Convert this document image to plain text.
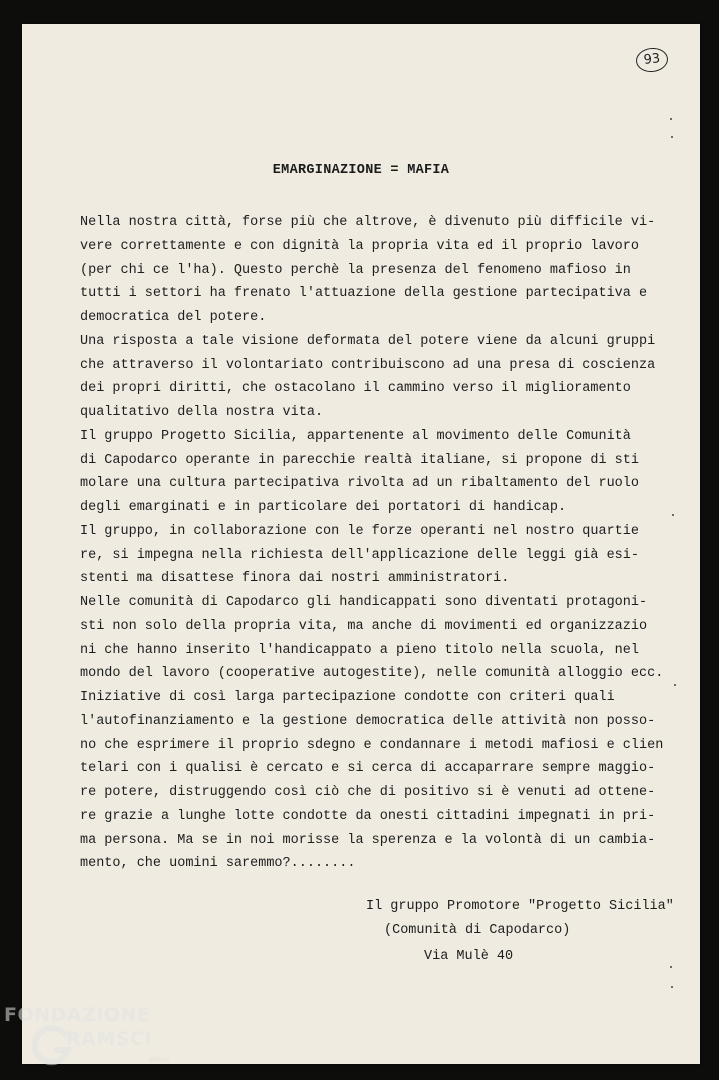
93
EMARGINAZIONE = MAFIA
Nella nostra città, forse più che altrove, è divenuto più difficile vi-
vere correttamente e con dignità la propria vita ed il proprio lavoro
(per chi ce l'ha). Questo perchè la presenza del fenomeno mafioso in
tutti i settori ha frenato l'attuazione della gestione partecipativa e
democratica del potere.
Una risposta a tale visione deformata del potere viene da alcuni gruppi
che attraverso il volontariato contribuiscono ad una presa di coscienza
dei propri diritti, che ostacolano il cammino verso il miglioramento
qualitativo della nostra vita.
Il gruppo Progetto Sicilia, appartenente al movimento delle Comunità
di Capodarco operante in parecchie realtà italiane, si propone di sti
molare una cultura partecipativa rivolta ad un ribaltamento del ruolo
degli emarginati e in particolare dei portatori di handicap.
Il gruppo, in collaborazione con le forze operanti nel nostro quartie
re, si impegna nella richiesta dell'applicazione delle leggi già esi-
stenti ma disattese finora dai nostri amministratori.
Nelle comunità di Capodarco gli handicappati sono diventati protagoni-
sti non solo della propria vita, ma anche di movimenti ed organizzazio
ni che hanno inserito l'handicappato a pieno titolo nella scuola, nel
mondo del lavoro (cooperative autogestite), nelle comunità alloggio ecc.
Iniziative di così larga partecipazione condotte con criteri quali
l'autofinanziamento e la gestione democratica delle attività non posso-
no che esprimere il proprio sdegno e condannare i metodi mafiosi e clien
telari con i qualisi è cercato e si cerca di accaparrare sempre maggio-
re potere, distruggendo così ciò che di positivo si è venuti ad ottene-
re grazie a lunghe lotte condotte da onesti cittadini impegnati in pri-
ma persona. Ma se in noi morisse la sperenza e la volontà di un cambia-
mento, che uomini saremmo?........
Il gruppo Promotore "Progetto Sicilia"
(Comunità di Capodarco)
Via Mulè 40
FONDAZIONE
RAMSCI
Onlus
